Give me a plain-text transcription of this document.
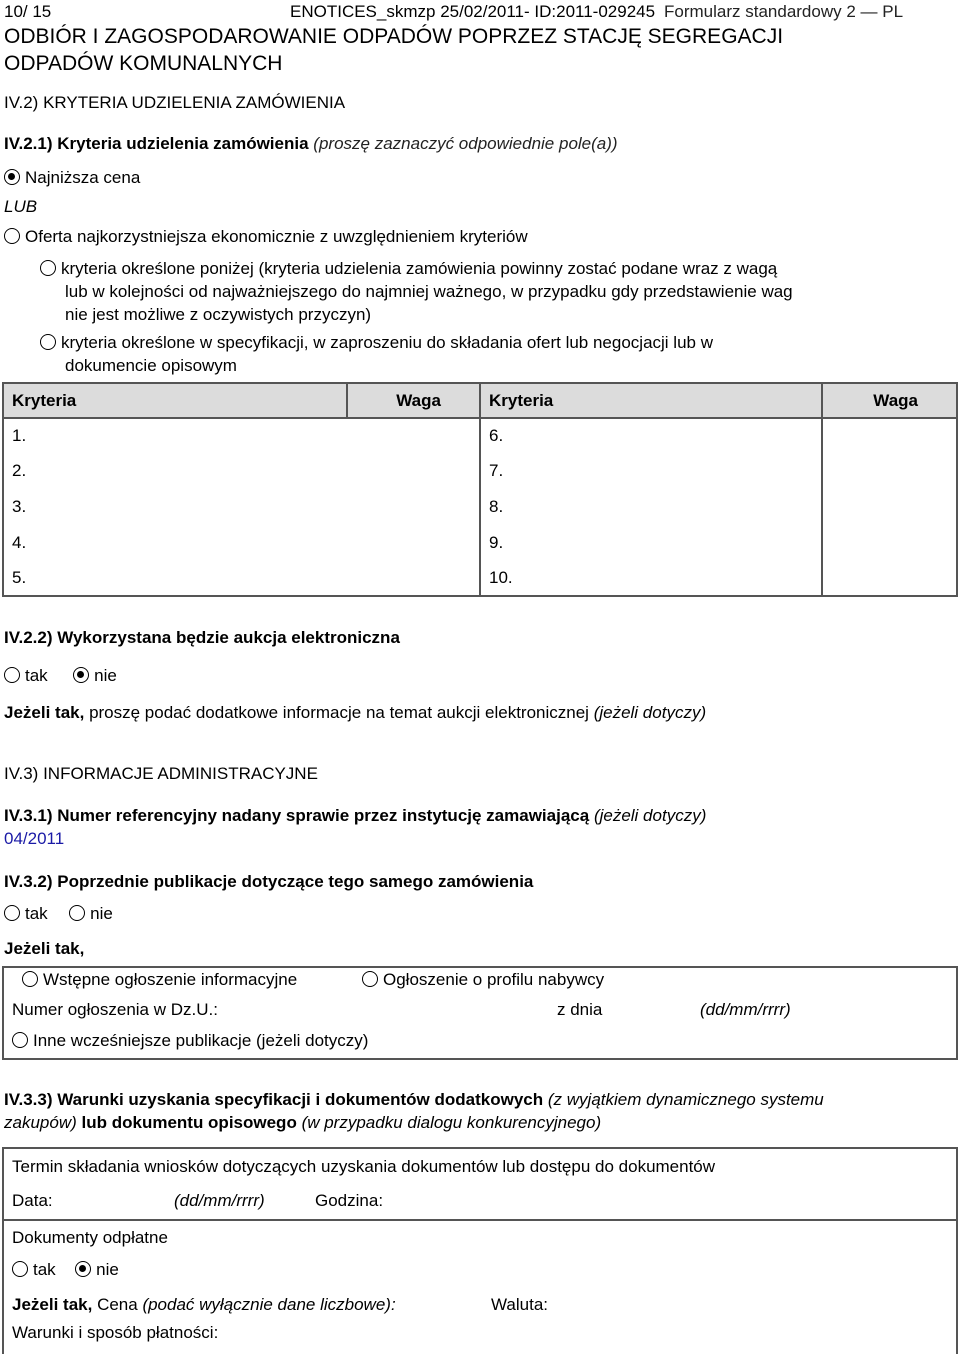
10/ 15	ENOTICES_skmzp 25/02/2011- ID:2011-029245 Formularz standardowy 2 — PL
ODBIÓR I ZAGOSPODAROWANIE ODPADÓW POPRZEZ STACJĘ SEGREGACJI
ODPADÓW KOMUNALNYCH
IV.2) KRYTERIA UDZIELENIA ZAMÓWIENIA
IV.2.1) Kryteria udzielenia zamówienia (proszę zaznaczyć odpowiednie pole(a))
Najniższa cena
LUB
Oferta najkorzystniejsza ekonomicznie z uwzględnieniem kryteriów
kryteria określone poniżej (kryteria udzielenia zamówienia powinny zostać podane wraz z wagą
lub w kolejności od najważniejszego do najmniej ważnego, w przypadku gdy przedstawienie wag
nie jest możliwe z oczywistych przyczyn)
kryteria określone w specyfikacji, w zaproszeniu do składania ofert lub negocjacji lub w
dokumencie opisowym
Kryteria	Waga	Kryteria	Waga
1.		6.	
2.		7.	
3.		8.	
4.		9.	
5.		10.	
IV.2.2) Wykorzystana będzie aukcja elektroniczna
tak	nie
Jeżeli tak, proszę podać dodatkowe informacje na temat aukcji elektronicznej (jeżeli dotyczy)
IV.3) INFORMACJE ADMINISTRACYJNE
IV.3.1) Numer referencyjny nadany sprawie przez instytucję zamawiającą (jeżeli dotyczy)
04/2011
IV.3.2) Poprzednie publikacje dotyczące tego samego zamówienia
tak nie
Jeżeli tak,
Wstępne ogłoszenie informacyjne	Ogłoszenie o profilu nabywcy
Numer ogłoszenia w Dz.U.:	z dnia	(dd/mm/rrrr)
Inne wcześniejsze publikacje (jeżeli dotyczy)
IV.3.3) Warunki uzyskania specyfikacji i dokumentów dodatkowych (z wyjątkiem dynamicznego systemu
zakupów) lub dokumentu opisowego (w przypadku dialogu konkurencyjnego)
Termin składania wniosków dotyczących uzyskania dokumentów lub dostępu do dokumentów
Data:	(dd/mm/rrrr)	Godzina:
Dokumenty odpłatne
tak nie
Jeżeli tak, Cena (podać wyłącznie dane liczbowe):	Waluta:
Warunki i sposób płatności:
